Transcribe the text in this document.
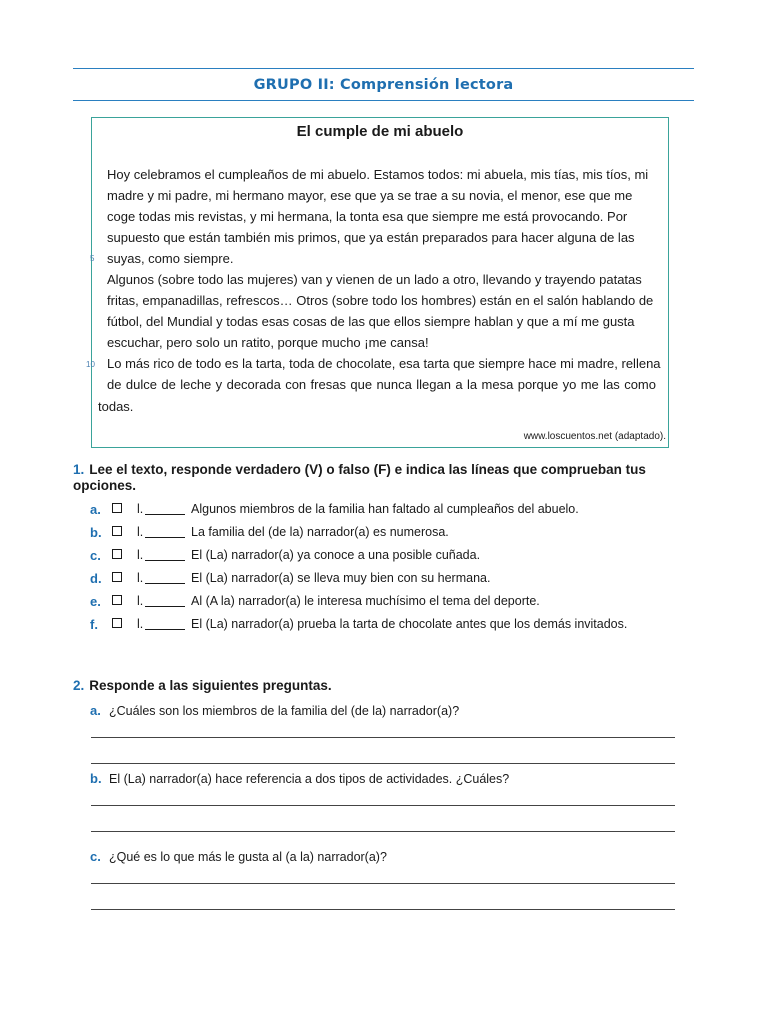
GRUPO II: Comprensión lectora
El cumple de mi abuelo
Hoy celebramos el cumpleaños de mi abuelo. Estamos todos: mi abuela, mis tías, mis tíos, mi
madre y mi padre, mi hermano mayor, ese que ya se trae a su novia, el menor, ese que me
coge todas mis revistas, y mi hermana, la tonta esa que siempre me está provocando. Por
supuesto que están también mis primos, que ya están preparados para hacer alguna de las
suyas, como siempre.
Algunos (sobre todo las mujeres) van y vienen de un lado a otro, llevando y trayendo patatas
fritas, empanadillas, refrescos… Otros (sobre todo los hombres) están en el salón hablando de
fútbol, del Mundial y todas esas cosas de las que ellos siempre hablan y que a mí me gusta
escuchar, pero solo un ratito, porque mucho ¡me cansa!
Lo más rico de todo es la tarta, toda de chocolate, esa tarta que siempre hace mi madre, rellena
de dulce de leche y decorada con fresas que nunca llegan a la mesa porque yo me las como
todas.
www.loscuentos.net (adaptado).
5
10
1. Lee el texto, responde verdadero (V) o falso (F) e indica las líneas que comprueban tus opciones.
a.	l.	Algunos miembros de la familia han faltado al cumpleaños del abuelo.
b.	l.	La familia del (de la) narrador(a) es numerosa.
c.	l.	El (La) narrador(a) ya conoce a una posible cuñada.
d.	l.	El (La) narrador(a) se lleva muy bien con su hermana.
e.	l.	Al (A la) narrador(a) le interesa muchísimo el tema del deporte.
f.	l.	El (La) narrador(a) prueba la tarta de chocolate antes que los demás invitados.
2. Responde a las siguientes preguntas.
a. ¿Cuáles son los miembros de la familia del (de la) narrador(a)?
b. El (La) narrador(a) hace referencia a dos tipos de actividades. ¿Cuáles?
c. ¿Qué es lo que más le gusta al (a la) narrador(a)?
